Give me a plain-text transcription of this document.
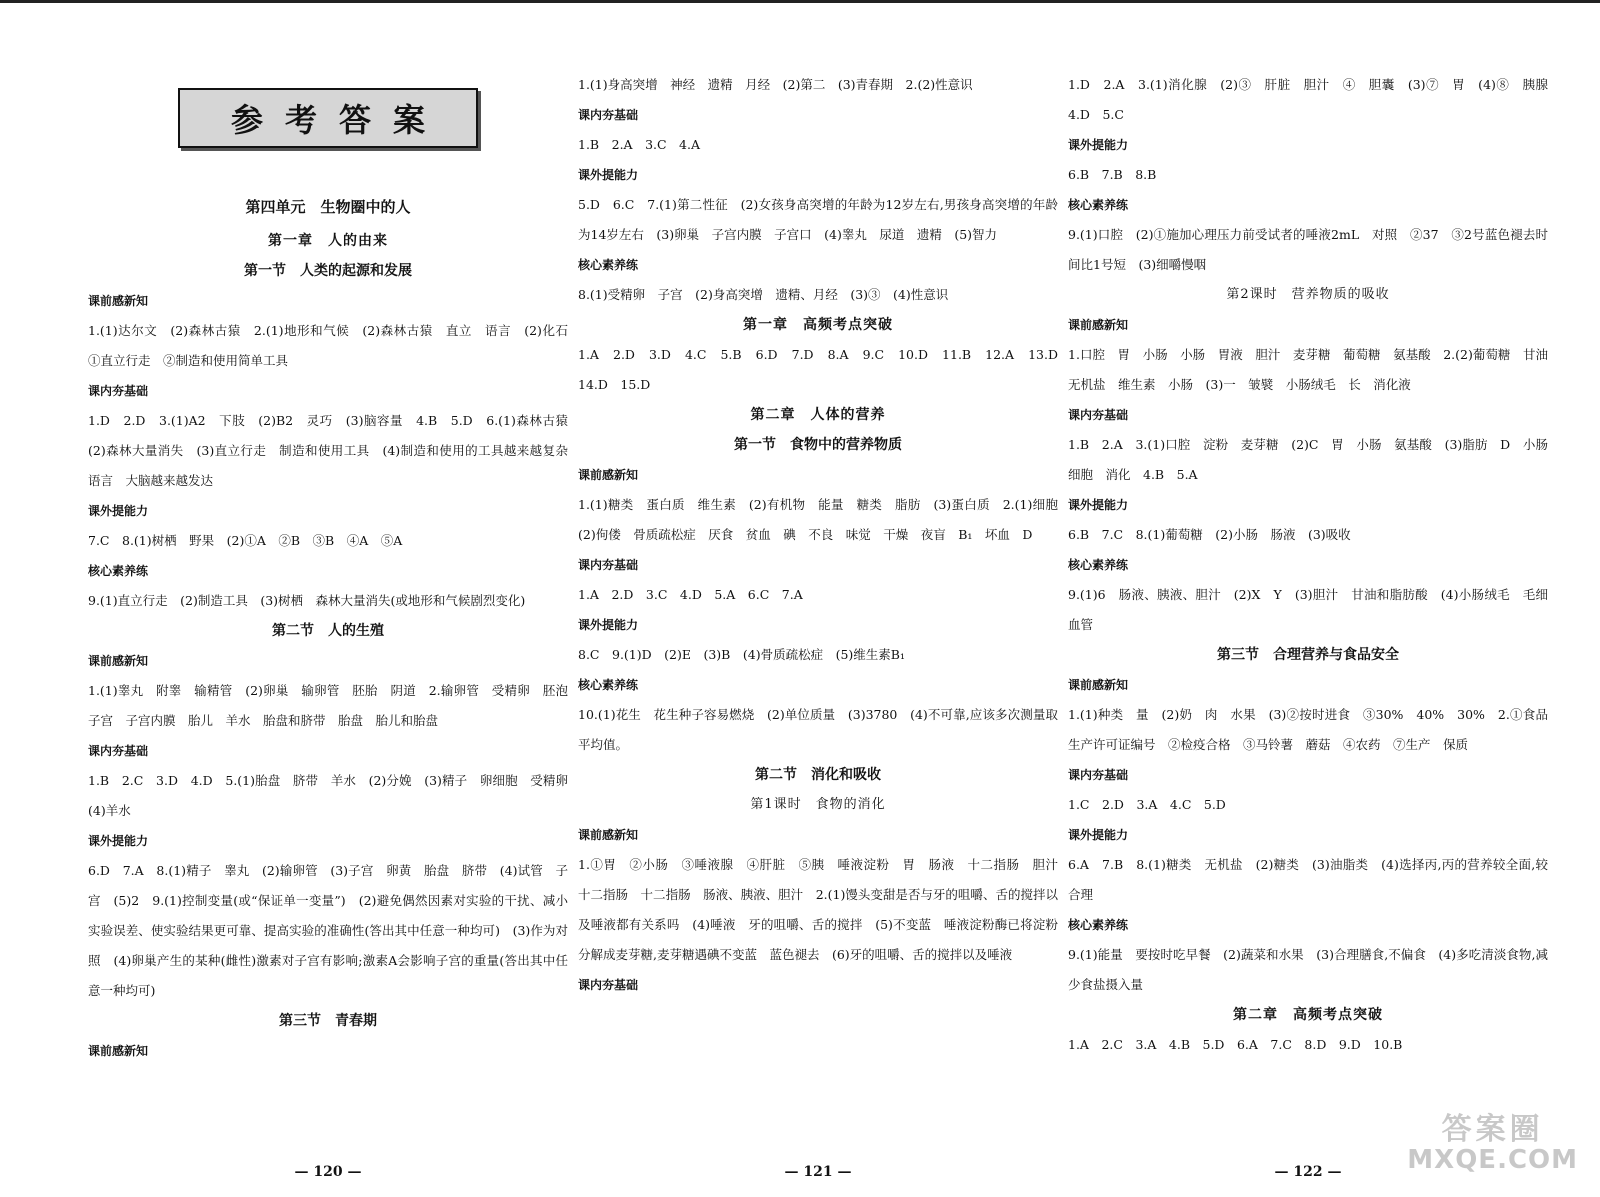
参考答案
第四单元　生物圈中的人
第一章　人的由来
第一节　人类的起源和发展
课前感新知
1.(1)达尔文　(2)森林古猿　2.(1)地形和气候　(2)森林古猿　直立　语言　(2)化石　①直立行走　②制造和使用简单工具
课内夯基础
1.D　2.D　3.(1)A2　下肢　(2)B2　灵巧　(3)脑容量　4.B　5.D　6.(1)森林古猿　(2)森林大量消失　(3)直立行走　制造和使用工具　(4)制造和使用的工具越来越复杂　语言　大脑越来越发达
课外提能力
7.C　8.(1)树栖　野果　(2)①A　②B　③B　④A　⑤A
核心素养练
9.(1)直立行走　(2)制造工具　(3)树栖　森林大量消失(或地形和气候剧烈变化)
第二节　人的生殖
课前感新知
1.(1)睾丸　附睾　输精管　(2)卵巢　输卵管　胚胎　阴道　2.输卵管　受精卵　胚泡　子宫　子宫内膜　胎儿　羊水　胎盘和脐带　胎盘　胎儿和胎盘
课内夯基础
1.B　2.C　3.D　4.D　5.(1)胎盘　脐带　羊水　(2)分娩　(3)精子　卵细胞　受精卵　(4)羊水
课外提能力
6.D　7.A　8.(1)精子　睾丸　(2)输卵管　(3)子宫　卵黄　胎盘　脐带　(4)试管　子宫　(5)2　9.(1)控制变量(或“保证单一变量”)　(2)避免偶然因素对实验的干扰、减小实验误差、使实验结果更可靠、提高实验的准确性(答出其中任意一种均可)　(3)作为对照　(4)卵巢产生的某种(雌性)激素对子宫有影响;激素A会影响子宫的重量(答出其中任意一种均可)
第三节　青春期
课前感新知
— 120 —
1.(1)身高突增　神经　遗精　月经　(2)第二　(3)青春期　2.(2)性意识
课内夯基础
1.B　2.A　3.C　4.A
课外提能力
5.D　6.C　7.(1)第二性征　(2)女孩身高突增的年龄为12岁左右,男孩身高突增的年龄为14岁左右　(3)卵巢　子宫内膜　子宫口　(4)睾丸　尿道　遗精　(5)智力
核心素养练
8.(1)受精卵　子宫　(2)身高突增　遗精、月经　(3)③　(4)性意识
第一章　高频考点突破
1.A　2.D　3.D　4.C　5.B　6.D　7.D　8.A　9.C　10.D　11.B　12.A　13.D　14.D　15.D
第二章　人体的营养
第一节　食物中的营养物质
课前感新知
1.(1)糖类　蛋白质　维生素　(2)有机物　能量　糖类　脂肪　(3)蛋白质　2.(1)细胞　(2)佝偻　骨质疏松症　厌食　贫血　碘　不良　味觉　干燥　夜盲　B₁　坏血　D
课内夯基础
1.A　2.D　3.C　4.D　5.A　6.C　7.A
课外提能力
8.C　9.(1)D　(2)E　(3)B　(4)骨质疏松症　(5)维生素B₁
核心素养练
10.(1)花生　花生种子容易燃烧　(2)单位质量　(3)3780　(4)不可靠,应该多次测量取平均值。
第二节　消化和吸收
第1课时　食物的消化
课前感新知
1.①胃　②小肠　③唾液腺　④肝脏　⑤胰　唾液淀粉　胃　肠液　十二指肠　胆汁　十二指肠　十二指肠　肠液、胰液、胆汁　2.(1)馒头变甜是否与牙的咀嚼、舌的搅拌以及唾液都有关系吗　(4)唾液　牙的咀嚼、舌的搅拌　(5)不变蓝　唾液淀粉酶已将淀粉分解成麦芽糖,麦芽糖遇碘不变蓝　蓝色褪去　(6)牙的咀嚼、舌的搅拌以及唾液
课内夯基础
— 121 —
1.D　2.A　3.(1)消化腺　(2)③　肝脏　胆汁　④　胆囊　(3)⑦　胃　(4)⑧　胰腺　4.D　5.C
课外提能力
6.B　7.B　8.B
核心素养练
9.(1)口腔　(2)①施加心理压力前受试者的唾液2mL　对照　②37　③2号蓝色褪去时间比1号短　(3)细嚼慢咽
第2课时　营养物质的吸收
课前感新知
1.口腔　胃　小肠　小肠　胃液　胆汁　麦芽糖　葡萄糖　氨基酸　2.(2)葡萄糖　甘油　无机盐　维生素　小肠　(3)一　皱襞　小肠绒毛　长　消化液
课内夯基础
1.B　2.A　3.(1)口腔　淀粉　麦芽糖　(2)C　胃　小肠　氨基酸　(3)脂肪　D　小肠　细胞　消化　4.B　5.A
课外提能力
6.B　7.C　8.(1)葡萄糖　(2)小肠　肠液　(3)吸收
核心素养练
9.(1)6　肠液、胰液、胆汁　(2)X　Y　(3)胆汁　甘油和脂肪酸　(4)小肠绒毛　毛细血管
第三节　合理营养与食品安全
课前感新知
1.(1)种类　量　(2)奶　肉　水果　(3)②按时进食　③30%　40%　30%　2.①食品生产许可证编号　②检疫合格　③马铃薯　蘑菇　④农药　⑦生产　保质
课内夯基础
1.C　2.D　3.A　4.C　5.D
课外提能力
6.A　7.B　8.(1)糖类　无机盐　(2)糖类　(3)油脂类　(4)选择丙,丙的营养较全面,较合理
核心素养练
9.(1)能量　要按时吃早餐　(2)蔬菜和水果　(3)合理膳食,不偏食　(4)多吃清淡食物,减少食盐摄入量
第二章　高频考点突破
1.A　2.C　3.A　4.B　5.D　6.A　7.C　8.D　9.D　10.B
— 122 —
答案圈
MXQE.COM
